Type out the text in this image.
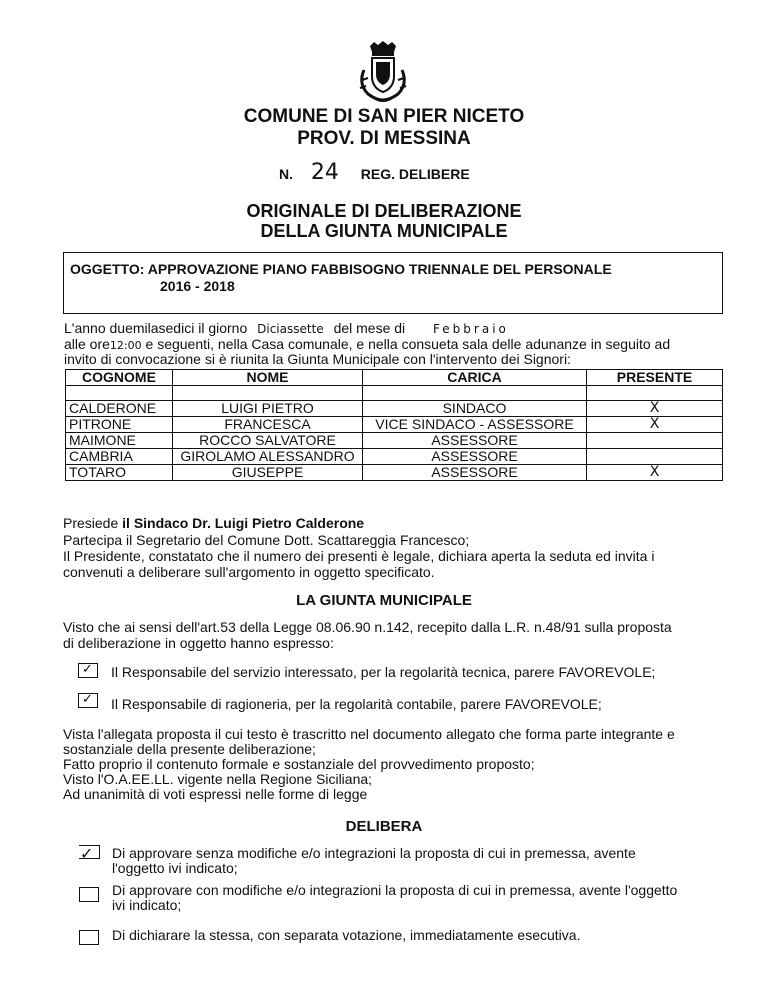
COMUNE DI SAN PIER NICETO
PROV. DI MESSINA
N. 24 REG. DELIBERE
ORIGINALE DI DELIBERAZIONE
DELLA GIUNTA MUNICIPALE
OGGETTO: APPROVAZIONE PIANO FABBISOGNO TRIENNALE DEL PERSONALE
2016 - 2018
L'anno duemilasedici il giorno Diciassette del mese di Febbraio
alle ore12:00 e seguenti, nella Casa comunale, e nella consueta sala delle adunanze in seguito ad
invito di convocazione si è riunita la Giunta Municipale con l'intervento dei Signori:
COGNOME	NOME	CARICA	PRESENTE

CALDERONE	LUIGI PIETRO	SINDACO	X
PITRONE	FRANCESCA	VICE SINDACO - ASSESSORE	X
MAIMONE	ROCCO SALVATORE	ASSESSORE	
CAMBRIA	GIROLAMO ALESSANDRO	ASSESSORE	
TOTARO	GIUSEPPE	ASSESSORE	X
Presiede il Sindaco Dr. Luigi Pietro Calderone
Partecipa il Segretario del Comune Dott. Scattareggia Francesco;
Il Presidente, constatato che il numero dei presenti è legale, dichiara aperta la seduta ed invita i
convenuti a deliberare sull'argomento in oggetto specificato.
LA GIUNTA MUNICIPALE
Visto che ai sensi dell'art.53 della Legge 08.06.90 n.142, recepito dalla L.R. n.48/91 sulla proposta
di deliberazione in oggetto hanno espresso:
✓ Il Responsabile del servizio interessato, per la regolarità tecnica, parere FAVOREVOLE;
✓ Il Responsabile di ragioneria, per la regolarità contabile, parere FAVOREVOLE;
Vista l'allegata proposta il cui testo è trascritto nel documento allegato che forma parte integrante e
sostanziale della presente deliberazione;
Fatto proprio il contenuto formale e sostanziale del provvedimento proposto;
Visto l'O.A.EE.LL. vigente nella Regione Siciliana;
Ad unanimità di voti espressi nelle forme di legge
DELIBERA
✓ Di approvare senza modifiche e/o integrazioni la proposta di cui in premessa, avente
l'oggetto ivi indicato;
Di approvare con modifiche e/o integrazioni la proposta di cui in premessa, avente l'oggetto
ivi indicato;
Di dichiarare la stessa, con separata votazione, immediatamente esecutiva.
